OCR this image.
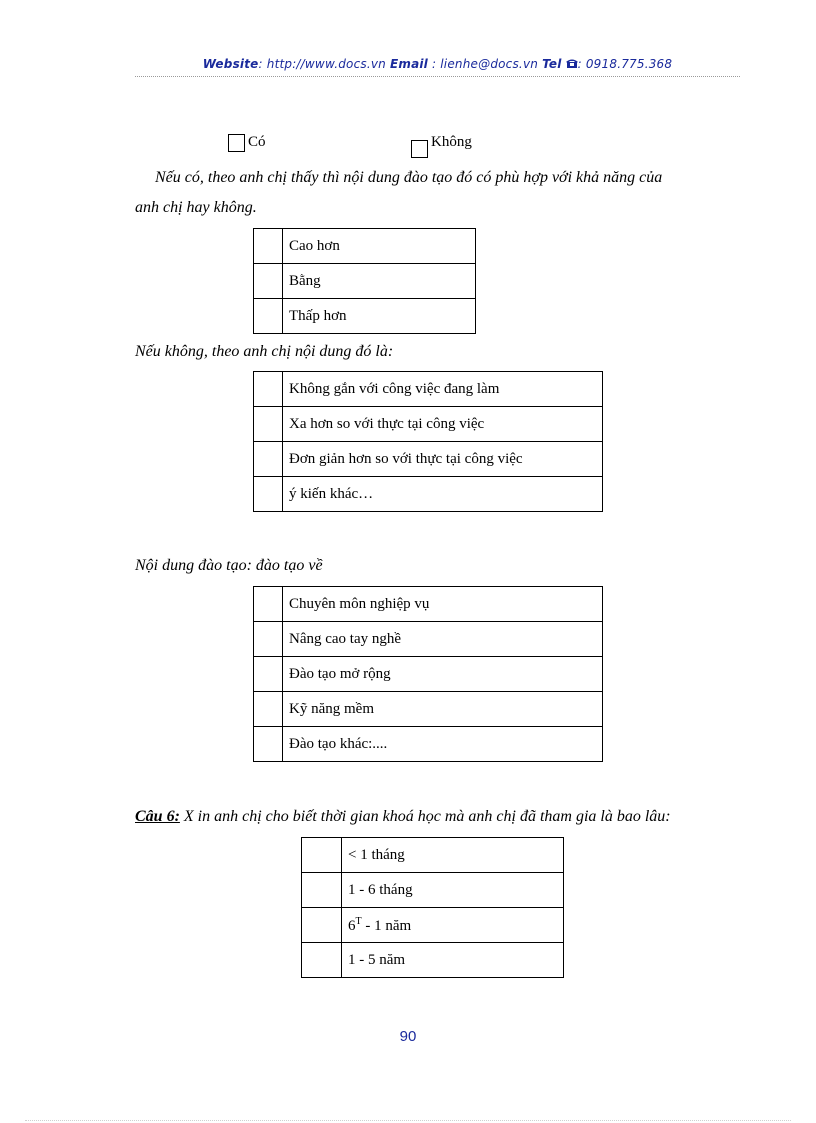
Website: http://www.docs.vn Email : lienhe@docs.vn Tel : 0918.775.368
Có	Không
Nếu có, theo anh chị thấy thì nội dung đào tạo đó có phù hợp với khả năng của
anh chị hay không.
	Cao hơn
	Bằng
	Thấp hơn
Nếu không, theo anh chị nội dung đó là:
	Không gắn với công việc đang làm
	Xa hơn so với thực tại công việc
	Đơn giản hơn so với thực tại công việc
	ý kiến khác…
Nội dung đào tạo: đào tạo về
	Chuyên môn nghiệp vụ
	Nâng cao tay nghề
	Đào tạo mở rộng
	Kỹ năng mềm
	Đào tạo khác:....
Câu 6: X in anh chị cho biết thời gian khoá học mà anh chị đã tham gia là bao lâu:
	< 1 tháng
	1 - 6 tháng
	$6^T - 1$ năm
	1 - 5 năm
90
